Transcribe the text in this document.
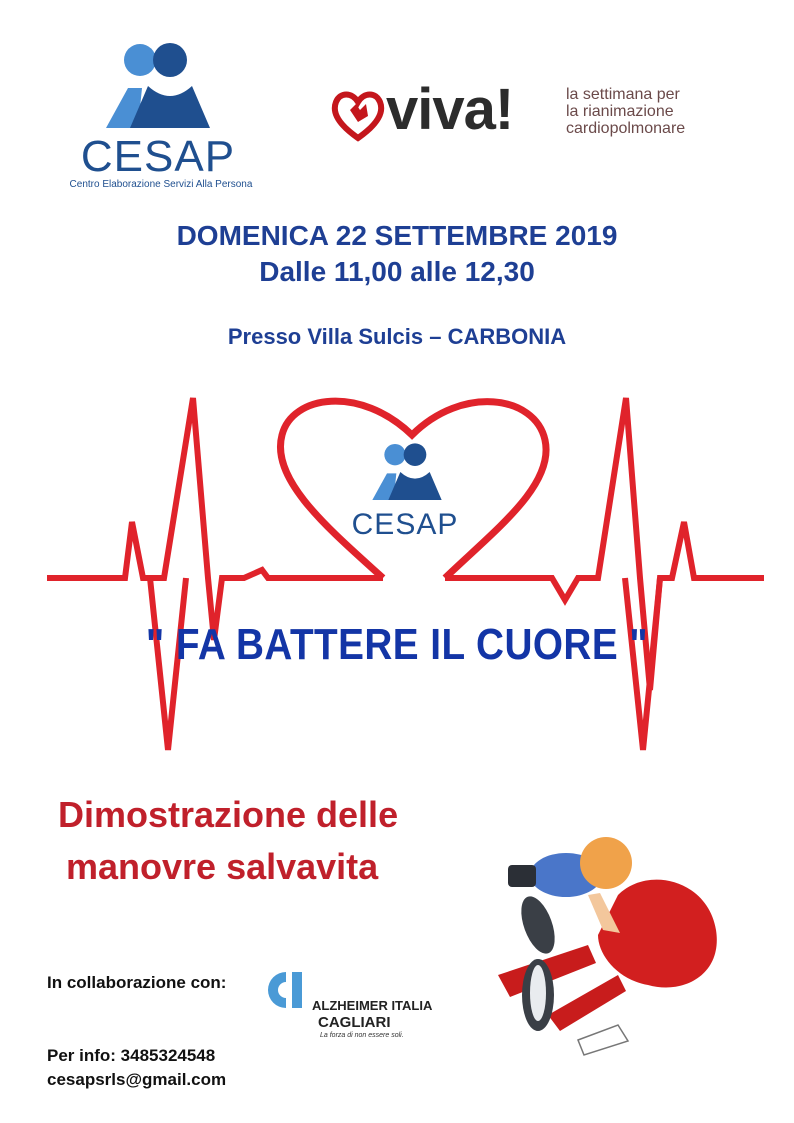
CESAP
Centro Elaborazione Servizi Alla Persona
viva!	la settimana per
la rianimazione
cardiopolmonare
DOMENICA 22 SETTEMBRE 2019
Dalle 11,00 alle 12,30
Presso Villa Sulcis – CARBONIA
CESAP
" FA BATTERE IL CUORE "
Dimostrazione delle
manovre salvavita
In collaborazione con:
ALZHEIMER ITALIA
CAGLIARI
La forza di non essere soli.
Per info: 3485324548
cesapsrls@gmail.com
